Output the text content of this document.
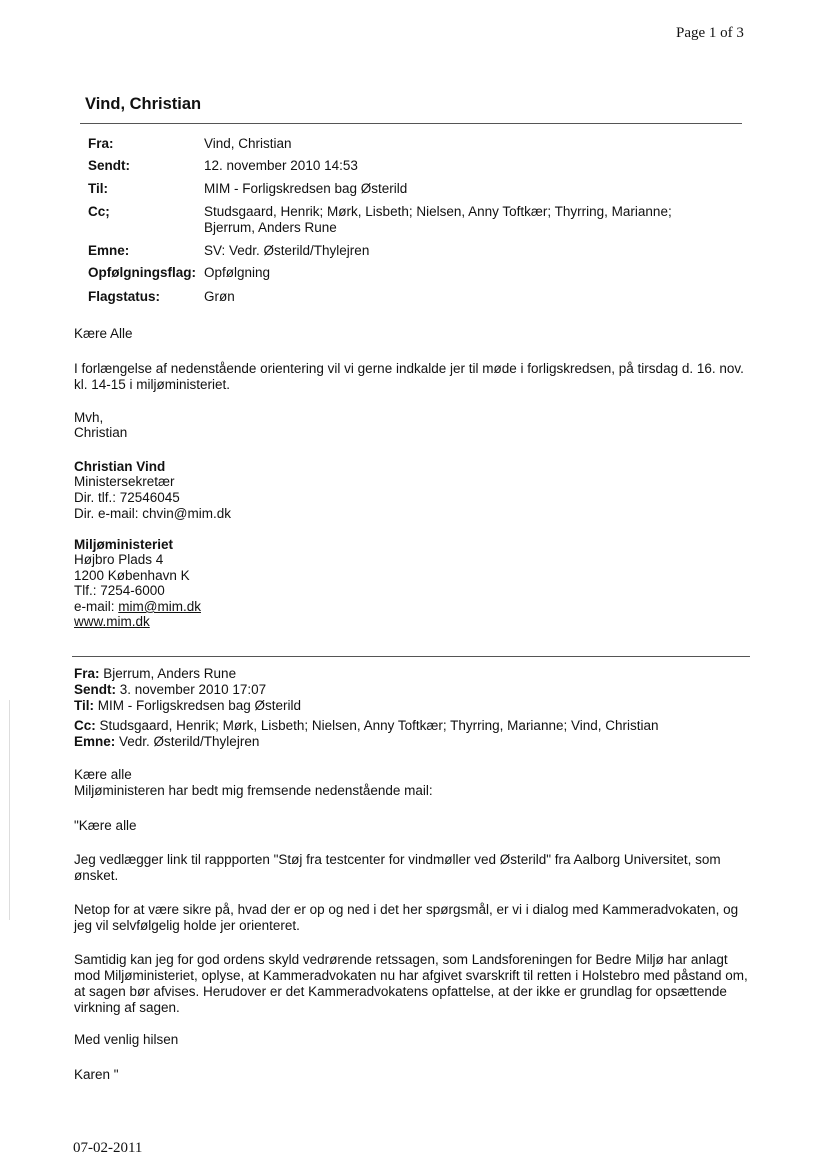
Page 1 of 3
Vind, Christian
Fra:	Vind, Christian
Sendt:	12. november 2010 14:53
Til:	MIM - Forligskredsen bag Østerild
Cc;	Studsgaard, Henrik; Mørk, Lisbeth; Nielsen, Anny Toftkær; Thyrring, Marianne; Bjerrum, Anders Rune
Emne:	SV: Vedr. Østerild/Thylejren
Opfølgningsflag: Opfølgning
Flagstatus:	Grøn
Kære Alle
I forlængelse af nedenstående orientering vil vi gerne indkalde jer til møde i forligskredsen, på tirsdag d. 16. nov. kl. 14-15 i miljøministeriet.
Mvh,
Christian
Christian Vind
Ministersekretær
Dir. tlf.: 72546045
Dir. e-mail: chvin@mim.dk
Miljøministeriet
Højbro Plads 4
1200 København K
Tlf.: 7254-6000
e-mail: mim@mim.dk
www.mim.dk
Fra: Bjerrum, Anders Rune
Sendt: 3. november 2010 17:07
Til: MIM - Forligskredsen bag Østerild
Cc: Studsgaard, Henrik; Mørk, Lisbeth; Nielsen, Anny Toftkær; Thyrring, Marianne; Vind, Christian
Emne: Vedr. Østerild/Thylejren
Kære alle
Miljøministeren har bedt mig fremsende nedenstående mail:
"Kære alle
Jeg vedlægger link til rappporten "Støj fra testcenter for vindmøller ved Østerild" fra Aalborg Universitet, som ønsket.
Netop for at være sikre på, hvad der er op og ned i det her spørgsmål, er vi i dialog med Kammeradvokaten, og jeg vil selvfølgelig holde jer orienteret.
Samtidig kan jeg for god ordens skyld vedrørende retssagen, som Landsforeningen for Bedre Miljø har anlagt mod Miljøministeriet, oplyse, at Kammeradvokaten nu har afgivet svarskrift til retten i Holstebro med påstand om, at sagen bør afvises. Herudover er det Kammeradvokatens opfattelse, at der ikke er grundlag for opsættende virkning af sagen.
Med venlig hilsen
Karen "
07-02-2011
